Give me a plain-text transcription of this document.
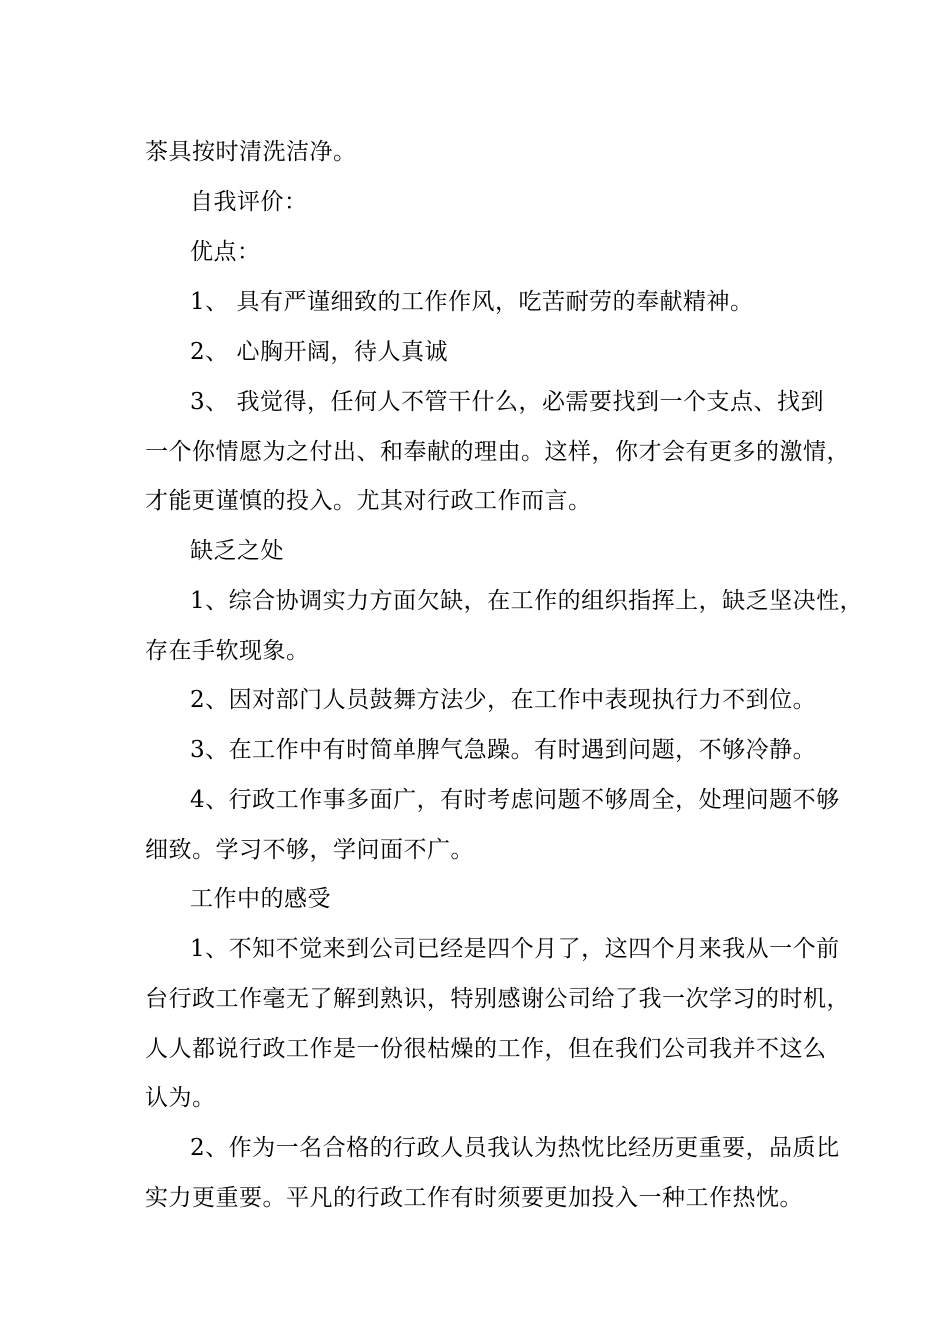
茶具按时清洗洁净。
自我评价：
优点：
1、 具有严谨细致的工作作风，吃苦耐劳的奉献精神。
2、 心胸开阔，待人真诚
3、 我觉得，任何人不管干什么，必需要找到一个支点、找到
一个你情愿为之付出、和奉献的理由。这样，你才会有更多的激情，
才能更谨慎的投入。尤其对行政工作而言。
缺乏之处
1、综合协调实力方面欠缺，在工作的组织指挥上，缺乏坚决性，
存在手软现象。
2、因对部门人员鼓舞方法少，在工作中表现执行力不到位。
3、在工作中有时简单脾气急躁。有时遇到问题，不够冷静。
4、行政工作事多面广，有时考虑问题不够周全，处理问题不够
细致。学习不够，学问面不广。
工作中的感受
1、不知不觉来到公司已经是四个月了，这四个月来我从一个前
台行政工作毫无了解到熟识，特别感谢公司给了我一次学习的时机，
人人都说行政工作是一份很枯燥的工作，但在我们公司我并不这么
认为。
2、作为一名合格的行政人员我认为热忱比经历更重要，品质比
实力更重要。平凡的行政工作有时须要更加投入一种工作热忱。
